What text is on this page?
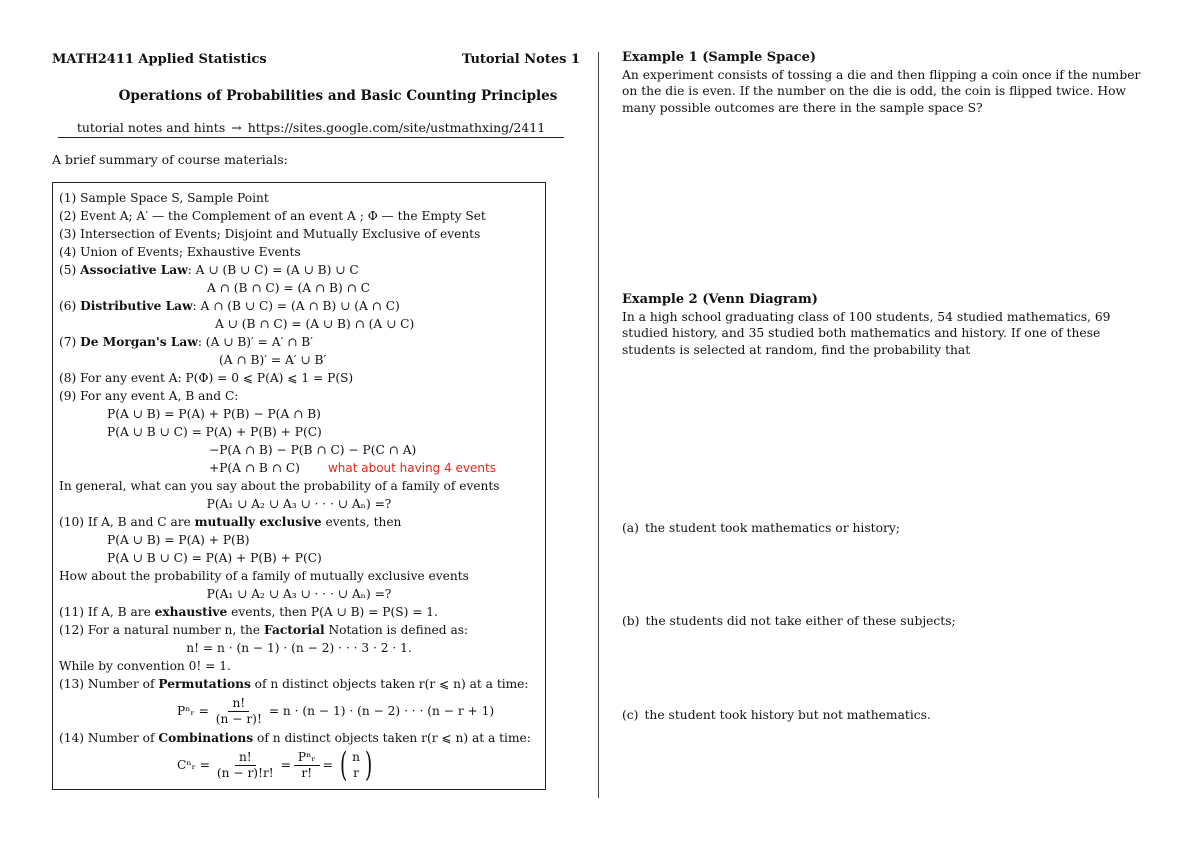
MATH2411 Applied Statistics	Tutorial Notes 1
Operations of Probabilities and Basic Counting Principles
tutorial notes and hints → https://sites.google.com/site/ustmathxing/2411
A brief summary of course materials:
(1) Sample Space S, Sample Point
(2) Event A; A′ — the Complement of an event A ; Φ — the Empty Set
(3) Intersection of Events; Disjoint and Mutually Exclusive of events
(4) Union of Events; Exhaustive Events
(5) Associative Law: A ∪ (B ∪ C) = (A ∪ B) ∪ C
A ∩ (B ∩ C) = (A ∩ B) ∩ C
(6) Distributive Law: A ∩ (B ∪ C) = (A ∩ B) ∪ (A ∩ C)
A ∪ (B ∩ C) = (A ∪ B) ∩ (A ∪ C)
(7) De Morgan's Law: (A ∪ B)′ = A′ ∩ B′
(A ∩ B)′ = A′ ∪ B′
(8) For any event A: P(Φ) = 0 ⩽ P(A) ⩽ 1 = P(S)
(9) For any event A, B and C:
P(A ∪ B) = P(A) + P(B) − P(A ∩ B)
P(A ∪ B ∪ C) = P(A) + P(B) + P(C)
−P(A ∩ B) − P(B ∩ C) − P(C ∩ A)
+P(A ∩ B ∩ C) what about having 4 events
In general, what can you say about the probability of a family of events
P(A₁ ∪ A₂ ∪ A₃ ∪ · · · ∪ Aₙ) =?
(10) If A, B and C are mutually exclusive events, then
P(A ∪ B) = P(A) + P(B)
P(A ∪ B ∪ C) = P(A) + P(B) + P(C)
How about the probability of a family of mutually exclusive events
P(A₁ ∪ A₂ ∪ A₃ ∪ · · · ∪ Aₙ) =?
(11) If A, B are exhaustive events, then P(A ∪ B) = P(S) = 1.
(12) For a natural number n, the Factorial Notation is defined as:
n! = n · (n − 1) · (n − 2) · · · 3 · 2 · 1.
While by convention 0! = 1.
(13) Number of Permutations of n distinct objects taken r(r ⩽ n) at a time:
Pⁿᵣ = $\frac{n!}{(n - r)!} = n \cdot (n - 1) \cdot (n - 2)$ · · · (n − r + 1)
(14) Number of Combinations of n distinct objects taken r(r ⩽ n) at a time:
Cⁿᵣ = $\frac{n!}{(n - r)!r!} = \frac{\text{Pⁿᵣ}}{r!}$ = ( n
r )
Example 1 (Sample Space)
An experiment consists of tossing a die and then flipping a coin once if the number on the die is even. If the number on the die is odd, the coin is flipped twice. How many possible outcomes are there in the sample space S?
Example 2 (Venn Diagram)
In a high school graduating class of 100 students, 54 studied mathematics, 69 studied history, and 35 studied both mathematics and history. If one of these students is selected at random, find the probability that
(a) the student took mathematics or history;
(b) the students did not take either of these subjects;
(c) the student took history but not mathematics.
